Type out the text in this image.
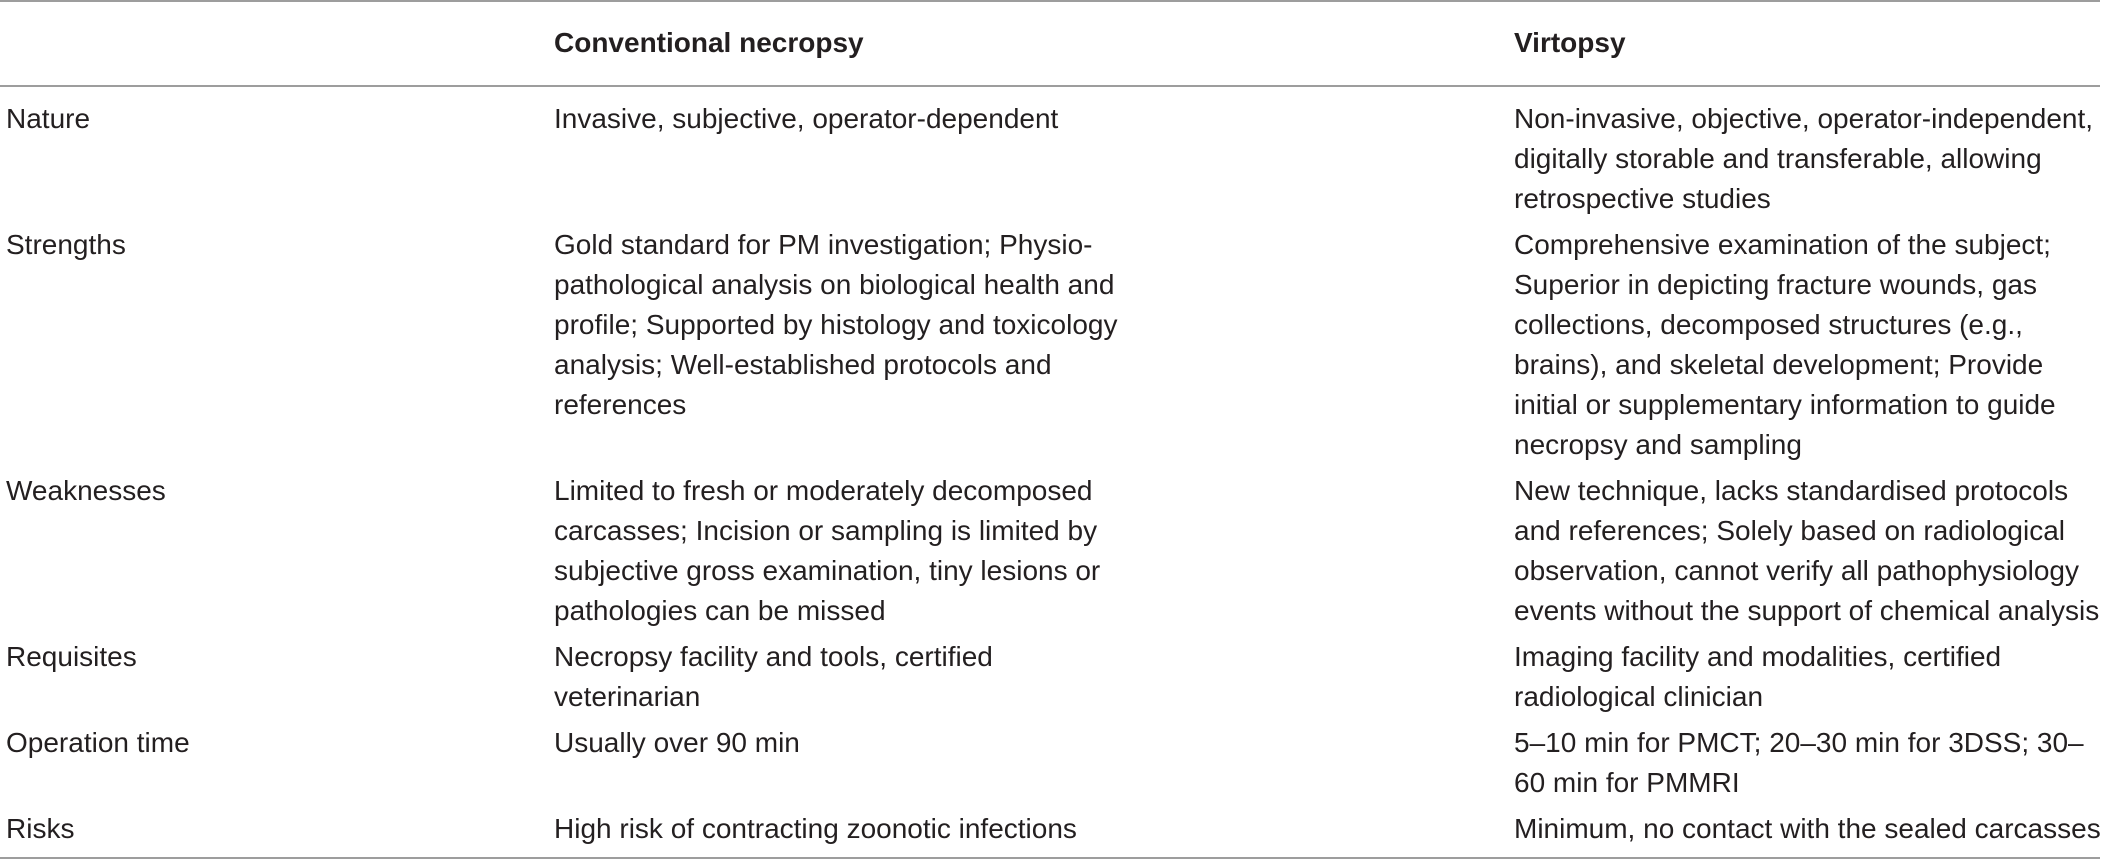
	Conventional necropsy	Virtopsy
Nature	Invasive, subjective, operator-dependent	Non-invasive, objective, operator-independent, digitally storable and transferable, allowing retrospective studies

Strengths	Gold standard for PM investigation; Physio-pathological analysis on biological health and profile; Supported by histology and toxicology analysis; Well-established protocols and references	Comprehensive examination of the subject; Superior in depicting fracture wounds, gas collections, decomposed structures (e.g., brains), and skeletal development; Provide initial or supplementary information to guide necropsy and sampling

Weaknesses	Limited to fresh or moderately decomposed carcasses; Incision or sampling is limited by subjective gross examination, tiny lesions or pathologies can be missed	New technique, lacks standardised protocols and references; Solely based on radiological observation, cannot verify all pathophysiology events without the support of chemical analysis

Requisites	Necropsy facility and tools, certified veterinarian	Imaging facility and modalities, certified radiological clinician

Operation time	Usually over 90 min	5–10 min for PMCT; 20–30 min for 3DSS; 30–60 min for PMMRI

Risks	High risk of contracting zoonotic infections	Minimum, no contact with the sealed carcasses
